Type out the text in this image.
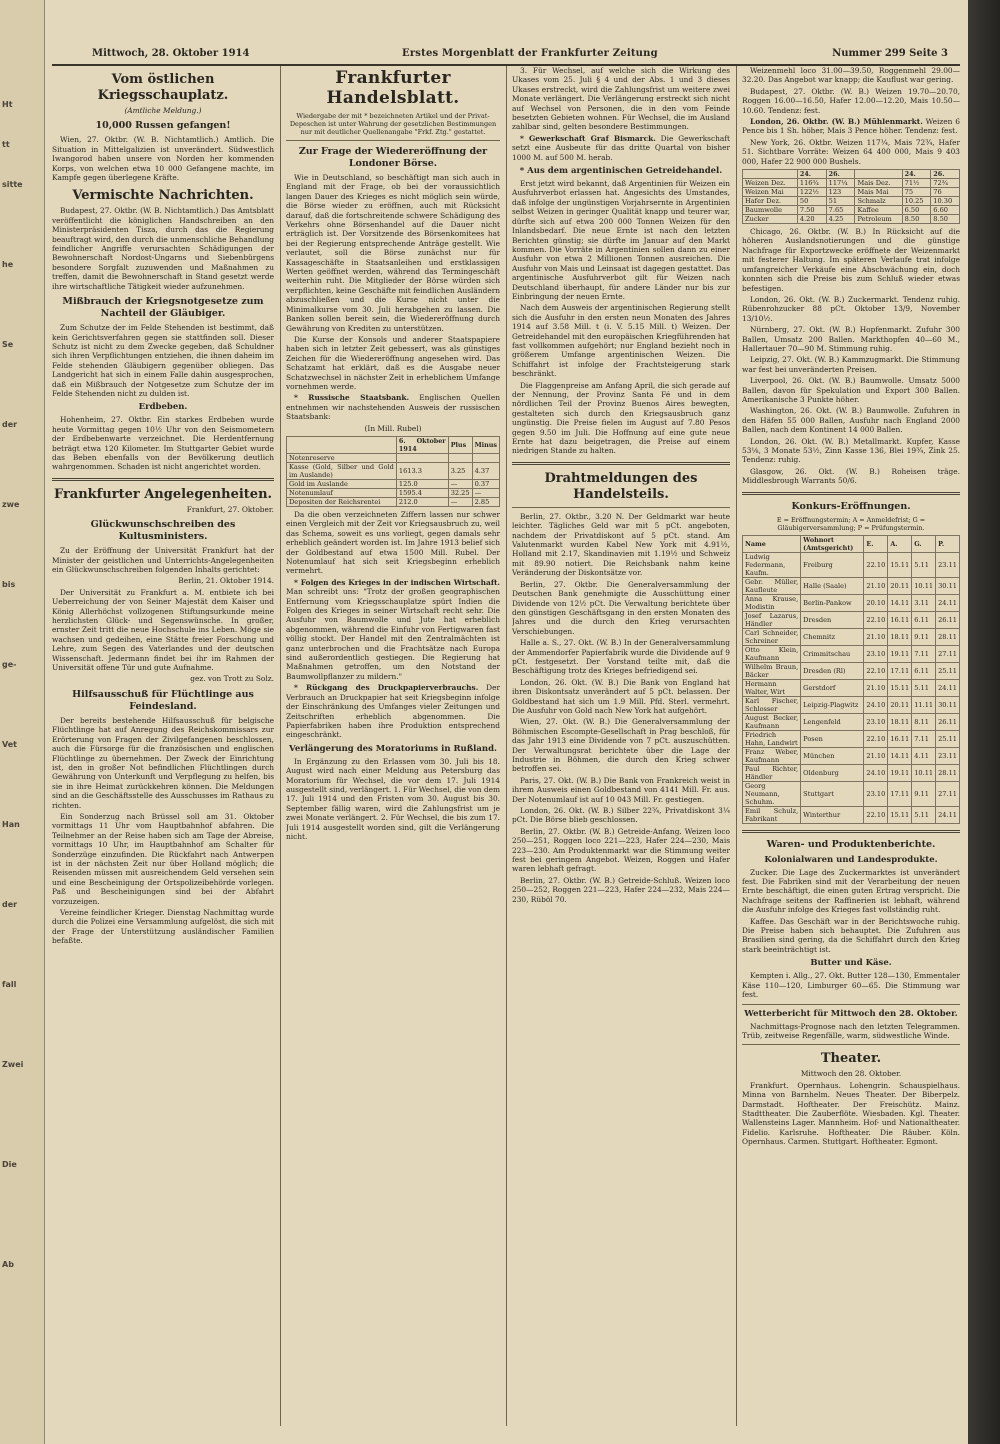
Ht
tt
sitte
he
Se
der
zwe
bis
ge-
Vet
Han
der
fall
Zwei
Die
Ab
Mittwoch, 28. Oktober 1914	Erstes Morgenblatt der Frankfurter Zeitung	Nummer 299 Seite 3
Vom östlichen Kriegsschauplatz.
(Amtliche Meldung.)
10,000 Russen gefangen!

Wien, 27. Oktbr. (W. B. Nichtamtlich.) Amtlich. Die Situation in Mittelgalizien ist unverändert. Südwestlich Iwangorod haben unsere von Norden her kommenden Korps, von welchen etwa 10 000 Gefangene machte, im Kampfe gegen überlegene Kräfte.

Vermischte Nachrichten.

Budapest, 27. Oktbr. (W. B. Nichtamtlich.) Das Amtsblatt veröffentlicht die königlichen Handschreiben an den Ministerpräsidenten Tisza, durch das die Regierung beauftragt wird, den durch die unmenschliche Behandlung feindlicher Angriffe verursachten Schädigungen der Bewohnerschaft Nordost-Ungarns und Siebenbürgens besondere Sorgfalt zuzuwenden und Maßnahmen zu treffen, damit die Bewohnerschaft in Stand gesetzt werde ihre wirtschaftliche Tätigkeit wieder aufzunehmen.

Mißbrauch der Kriegsnotgesetze zum Nachteil der Gläubiger.

Zum Schutze der im Felde Stehenden ist bestimmt, daß kein Gerichtsverfahren gegen sie stattfinden soll. Dieser Schutz ist nicht zu dem Zwecke gegeben, daß Schuldner sich ihren Verpflichtungen entziehen, die ihnen daheim im Felde stehenden Gläubigern gegenüber obliegen. Das Landgericht hat sich in einem Falle dahin ausgesprochen, daß ein Mißbrauch der Notgesetze zum Schutze der im Felde Stehenden nicht zu dulden ist.

Erdbeben.

Hohenheim, 27. Oktbr. Ein starkes Erdbeben wurde heute Vormittag gegen 10½ Uhr von den Seismometern der Erdbebenwarte verzeichnet. Die Herdentfernung beträgt etwa 120 Kilometer. Im Stuttgarter Gebiet wurde das Beben ebenfalls von der Bevölkerung deutlich wahrgenommen. Schaden ist nicht angerichtet worden.

Frankfurter Angelegenheiten.

Frankfurt, 27. Oktober.

Glückwunschschreiben des Kultusministers.

Zu der Eröffnung der Universität Frankfurt hat der Minister der geistlichen und Unterrichts-Angelegenheiten ein Glückwunschschreiben folgenden Inhalts gerichtet:

Berlin, 21. Oktober 1914.

Der Universität zu Frankfurt a. M. entbiete ich bei Ueberreichung der von Seiner Majestät dem Kaiser und König Allerhöchst vollzogenen Stiftungsurkunde meine herzlichsten Glück- und Segenswünsche. In großer, ernster Zeit tritt die neue Hochschule ins Leben. Möge sie wachsen und gedeihen, eine Stätte freier Forschung und Lehre, zum Segen des Vaterlandes und der deutschen Wissenschaft. Jedermann findet bei ihr im Rahmen der Universität offene Tür und gute Aufnahme.

gez. von Trott zu Solz.

Hilfsausschuß für Flüchtlinge aus Feindesland.

Der bereits bestehende Hilfsausschuß für belgische Flüchtlinge hat auf Anregung des Reichskommissars zur Erörterung von Fragen der Zivilgefangenen beschlossen, auch die Fürsorge für die französischen und englischen Flüchtlinge zu übernehmen. Der Zweck der Einrichtung ist, den in großer Not befindlichen Flüchtlingen durch Gewährung von Unterkunft und Verpflegung zu helfen, bis sie in ihre Heimat zurückkehren können. Die Meldungen sind an die Geschäftsstelle des Ausschusses im Rathaus zu richten.

Ein Sonderzug nach Brüssel soll am 31. Oktober vormittags 11 Uhr vom Hauptbahnhof abfahren. Die Teilnehmer an der Reise haben sich am Tage der Abreise, vormittags 10 Uhr, im Hauptbahnhof am Schalter für Sonderzüge einzufinden. Die Rückfahrt nach Antwerpen ist in der nächsten Zeit nur über Holland möglich; die Reisenden müssen mit ausreichendem Geld versehen sein und eine Bescheinigung der Ortspolizeibehörde vorlegen. Paß und Bescheinigungen sind bei der Abfahrt vorzuzeigen.

Vereine feindlicher Krieger. Dienstag Nachmittag wurde durch die Polizei eine Versammlung aufgelöst, die sich mit der Frage der Unterstützung ausländischer Familien befaßte.

Frankfurter Handelsblatt.

Wiedergabe der mit * bezeichneten Artikel und der Privat-Depeschen ist unter Wahrung der gesetzlichen Bestimmungen nur mit deutlicher Quellenangabe "Frkf. Ztg." gestattet.

Zur Frage der Wiedereröffnung der Londoner Börse.

Wie in Deutschland, so beschäftigt man sich auch in England mit der Frage, ob bei der voraussichtlich langen Dauer des Krieges es nicht möglich sein würde, die Börse wieder zu eröffnen, auch mit Rücksicht darauf, daß die fortschreitende schwere Schädigung des Verkehrs ohne Börsenhandel auf die Dauer nicht erträglich ist. Der Vorsitzende des Börsenkomitees hat bei der Regierung entsprechende Anträge gestellt. Wie verlautet, soll die Börse zunächst nur für Kassageschäfte in Staatsanleihen und erstklassigen Werten geöffnet werden, während das Termingeschäft weiterhin ruht. Die Mitglieder der Börse würden sich verpflichten, keine Geschäfte mit feindlichen Ausländern abzuschließen und die Kurse nicht unter die Minimalkurse vom 30. Juli herabgehen zu lassen. Die Banken sollen bereit sein, die Wiedereröffnung durch Gewährung von Krediten zu unterstützen.

Die Kurse der Konsols und anderer Staatspapiere haben sich in letzter Zeit gebessert, was als günstiges Zeichen für die Wiedereröffnung angesehen wird. Das Schatzamt hat erklärt, daß es die Ausgabe neuer Schatzwechsel in nächster Zeit in erheblichem Umfange vornehmen werde.

* Russische Staatsbank. Englischen Quellen entnehmen wir nachstehenden Ausweis der russischen Staatsbank:

(In Mill. Rubel)

	6. Oktober 1914	Plus	Minus
Notenreserve			
Kasse (Gold, Silber und Gold im Auslande)	1613.3	3.25	4.37
Gold im Auslande	125.0	—	0.37
Notenumlauf	1595.4	32.25	—
Depositen der Reichsrentei	212.0	—	2.85

Da die oben verzeichneten Ziffern lassen nur schwer einen Vergleich mit der Zeit vor Kriegsausbruch zu, weil das Schema, soweit es uns vorliegt, gegen damals sehr erheblich geändert worden ist. Im Jahre 1913 belief sich der Goldbestand auf etwa 1500 Mill. Rubel. Der Notenumlauf hat sich seit Kriegsbeginn erheblich vermehrt.

* Folgen des Krieges in der indischen Wirtschaft. Man schreibt uns: "Trotz der großen geographischen Entfernung vom Kriegsschauplatze spürt Indien die Folgen des Krieges in seiner Wirtschaft recht sehr. Die Ausfuhr von Baumwolle und Jute hat erheblich abgenommen, während die Einfuhr von Fertigwaren fast völlig stockt. Der Handel mit den Zentralmächten ist ganz unterbrochen und die Frachtsätze nach Europa sind außerordentlich gestiegen. Die Regierung hat Maßnahmen getroffen, um den Notstand der Baumwollpflanzer zu mildern."

* Rückgang des Druckpapierverbrauchs. Der Verbrauch an Druckpapier hat seit Kriegsbeginn infolge der Einschränkung des Umfanges vieler Zeitungen und Zeitschriften erheblich abgenommen. Die Papierfabriken haben ihre Produktion entsprechend eingeschränkt.

Verlängerung des Moratoriums in Rußland.

In Ergänzung zu den Erlassen vom 30. Juli bis 18. August wird nach einer Meldung aus Petersburg das Moratorium für Wechsel, die vor dem 17. Juli 1914 ausgestellt sind, verlängert. 1. Für Wechsel, die von dem 17. Juli 1914 und den Fristen vom 30. August bis 30. September fällig waren, wird die Zahlungsfrist um je zwei Monate verlängert. 2. Für Wechsel, die bis zum 17. Juli 1914 ausgestellt worden sind, gilt die Verlängerung nicht.

3. Für Wechsel, auf welche sich die Wirkung des Ukases vom 25. Juli § 4 und der Abs. 1 und 3 dieses Ukases erstreckt, wird die Zahlungsfrist um weitere zwei Monate verlängert. Die Verlängerung erstreckt sich nicht auf Wechsel von Personen, die in den vom Feinde besetzten Gebieten wohnen. Für Wechsel, die im Ausland zahlbar sind, gelten besondere Bestimmungen.

* Gewerkschaft Graf Bismarck. Die Gewerkschaft setzt eine Ausbeute für das dritte Quartal von bisher 1000 M. auf 500 M. herab.

* Aus dem argentinischen Getreidehandel.

Erst jetzt wird bekannt, daß Argentinien für Weizen ein Ausfuhrverbot erlassen hat. Angesichts des Umstandes, daß infolge der ungünstigen Vorjahrsernte in Argentinien selbst Weizen in geringer Qualität knapp und teurer war, dürfte sich auf etwa 200 000 Tonnen Weizen für den Inlandsbedarf. Die neue Ernte ist nach den letzten Berichten günstig; sie dürfte im Januar auf den Markt kommen. Die Vorräte in Argentinien sollen dann zu einer Ausfuhr von etwa 2 Millionen Tonnen ausreichen. Die Ausfuhr von Mais und Leinsaat ist dagegen gestattet. Das argentinische Ausfuhrverbot gilt für Weizen nach Deutschland überhaupt, für andere Länder nur bis zur Einbringung der neuen Ernte.

Nach dem Ausweis der argentinischen Regierung stellt sich die Ausfuhr in den ersten neun Monaten des Jahres 1914 auf 3.58 Mill. t (i. V. 5.15 Mill. t) Weizen. Der Getreidehandel mit den europäischen Kriegführenden hat fast vollkommen aufgehört; nur England bezieht noch in größerem Umfange argentinischen Weizen. Die Schiffahrt ist infolge der Frachtsteigerung stark beschränkt.

Die Flaggenpreise am Anfang April, die sich gerade auf der Nennung, der Provinz Santa Fé und in dem nördlichen Teil der Provinz Buenos Aires bewegten, gestalteten sich durch den Kriegsausbruch ganz ungünstig. Die Preise fielen im August auf 7.80 Pesos gegen 9.50 im Juli. Die Hoffnung auf eine gute neue Ernte hat dazu beigetragen, die Preise auf einem niedrigen Stande zu halten.

Drahtmeldungen des Handelsteils.

Berlin, 27. Oktbr., 3.20 N. Der Geldmarkt war heute leichter. Tägliches Geld war mit 5 pCt. angeboten, nachdem der Privatdiskont auf 5 pCt. stand. Am Valutenmarkt wurden Kabel New York mit 4.91½, Holland mit 2.17, Skandinavien mit 1.19½ und Schweiz mit 89.90 notiert. Die Reichsbank nahm keine Veränderung der Diskontsätze vor.

Berlin, 27. Oktbr. Die Generalversammlung der Deutschen Bank genehmigte die Ausschüttung einer Dividende von 12½ pCt. Die Verwaltung berichtete über den günstigen Geschäftsgang in den ersten Monaten des Jahres und die durch den Krieg verursachten Verschiebungen.

Halle a. S., 27. Okt. (W. B.) In der Generalversammlung der Ammendorfer Papierfabrik wurde die Dividende auf 9 pCt. festgesetzt. Der Vorstand teilte mit, daß die Beschäftigung trotz des Krieges befriedigend sei.

London, 26. Okt. (W. B.) Die Bank von England hat ihren Diskontsatz unverändert auf 5 pCt. belassen. Der Goldbestand hat sich um 1.9 Mill. Pfd. Sterl. vermehrt. Die Ausfuhr von Gold nach New York hat aufgehört.

Wien, 27. Okt. (W. B.) Die Generalversammlung der Böhmischen Escompte-Gesellschaft in Prag beschloß, für das Jahr 1913 eine Dividende von 7 pCt. auszuschütten. Der Verwaltungsrat berichtete über die Lage der Industrie in Böhmen, die durch den Krieg schwer betroffen sei.

Paris, 27. Okt. (W. B.) Die Bank von Frankreich weist in ihrem Ausweis einen Goldbestand von 4141 Mill. Fr. aus. Der Notenumlauf ist auf 10 043 Mill. Fr. gestiegen.

London, 26. Okt. (W. B.) Silber 22¾, Privatdiskont 3¼ pCt. Die Börse blieb geschlossen.

Berlin, 27. Oktbr. (W. B.) Getreide-Anfang. Weizen loco 250—251, Roggen loco 221—223, Hafer 224—230, Mais 223—230. Am Produktenmarkt war die Stimmung weiter fest bei geringem Angebot. Weizen, Roggen und Hafer waren lebhaft gefragt.

Berlin, 27. Oktbr. (W. B.) Getreide-Schluß. Weizen loco 250—252, Roggen 221—223, Hafer 224—232, Mais 224—230, Rüböl 70.

Weizenmehl loco 31.00—39.50, Roggenmehl 29.00—32.20. Das Angebot war knapp; die Kauflust war gering.

Budapest, 27. Oktbr. (W. B.) Weizen 19.70—20.70, Roggen 16.00—16.50, Hafer 12.00—12.20, Mais 10.50—10.60. Tendenz: fest.

London, 26. Oktbr. (W. B.) Mühlenmarkt. Weizen 6 Pence bis 1 Sh. höher, Mais 3 Pence höher. Tendenz: fest.

New York, 26. Oktbr. Weizen 117¼, Mais 72¾, Hafer 51. Sichtbare Vorräte: Weizen 64 400 000, Mais 9 403 000, Hafer 22 900 000 Bushels.

	24.	26.		24.	26.
Weizen Dez.	116¾	117¼	Mais Dez.	71½	72¾
Weizen Mai	122½	123	Mais Mai	75	76
Hafer Dez.	50	51	Schmalz	10.25	10.30
Baumwolle	7.50	7.65	Kaffee	6.50	6.60
Zucker	4.20	4.25	Petroleum	8.50	8.50

Chicago, 26. Oktbr. (W. B.) In Rücksicht auf die höheren Auslandsnotierungen und die günstige Nachfrage für Exportzwecke eröffnete der Weizenmarkt mit festerer Haltung. Im späteren Verlaufe trat infolge umfangreicher Verkäufe eine Abschwächung ein, doch konnten sich die Preise bis zum Schluß wieder etwas befestigen.

London, 26. Okt. (W. B.) Zuckermarkt. Tendenz ruhig. Rübenrohzucker 88 pCt. Oktober 13/9, November 13/10½.

Nürnberg, 27. Okt. (W. B.) Hopfenmarkt. Zufuhr 300 Ballen, Umsatz 200 Ballen. Markthopfen 40—60 M., Hallertauer 70—90 M. Stimmung ruhig.

Leipzig, 27. Okt. (W. B.) Kammzugmarkt. Die Stimmung war fest bei unveränderten Preisen.

Liverpool, 26. Okt. (W. B.) Baumwolle. Umsatz 5000 Ballen, davon für Spekulation und Export 300 Ballen. Amerikanische 3 Punkte höher.

Washington, 26. Okt. (W. B.) Baumwolle. Zufuhren in den Häfen 55 000 Ballen, Ausfuhr nach England 2000 Ballen, nach dem Kontinent 14 000 Ballen.

London, 26. Okt. (W. B.) Metallmarkt. Kupfer, Kasse 53⅛, 3 Monate 53½, Zinn Kasse 136, Blei 19¾, Zink 25. Tendenz: ruhig.

Glasgow, 26. Okt. (W. B.) Roheisen träge. Middlesbrough Warrants 50/6.

Konkurs-Eröffnungen.

E = Eröffnungstermin; A = Anmeldefrist; G = Gläubigerversammlung; P = Prüfungstermin.

Name	Wohnort (Amtsgericht)	E.	A.	G.	P.
Ludwig Federmann, Kaufm.	Freiburg	22.10	15.11	5.11	23.11
Gebr. Müller, Kaufleute	Halle (Saale)	21.10	20.11	10.11	30.11
Anna Krause, Modistin	Berlin-Pankow	20.10	14.11	3.11	24.11
Josef Lazarus, Händler	Dresden	22.10	16.11	6.11	26.11
Carl Schneider, Schreiner	Chemnitz	21.10	18.11	9.11	28.11
Otto Klein, Kaufmann	Crimmitschau	23.10	19.11	7.11	27.11
Wilhelm Braun, Bäcker	Dresden (Rl)	22.10	17.11	6.11	25.11
Hermann Walter, Wirt	Gerstdorf	21.10	15.11	5.11	24.11
Karl Fischer, Schlosser	Leipzig-Plagwitz	24.10	20.11	11.11	30.11
August Becker, Kaufmann	Lengenfeld	23.10	18.11	8.11	26.11
Friedrich Hahn, Landwirt	Posen	22.10	16.11	7.11	25.11
Franz Weber, Kaufmann	München	21.10	14.11	4.11	23.11
Paul Richter, Händler	Oldenburg	24.10	19.11	10.11	28.11
Georg Neumann, Schuhm.	Stuttgart	23.10	17.11	9.11	27.11
Emil Schulz, Fabrikant	Winterthur	22.10	15.11	5.11	24.11
Waren- und Produktenberichte.
Kolonialwaren und Landesprodukte.

Zucker. Die Lage des Zuckermarktes ist unverändert fest. Die Fabriken sind mit der Verarbeitung der neuen Ernte beschäftigt, die einen guten Ertrag verspricht. Die Nachfrage seitens der Raffinerien ist lebhaft, während die Ausfuhr infolge des Krieges fast vollständig ruht.

Kaffee. Das Geschäft war in der Berichtswoche ruhig. Die Preise haben sich behauptet. Die Zufuhren aus Brasilien sind gering, da die Schiffahrt durch den Krieg stark beeinträchtigt ist.

Butter und Käse.

Kempten i. Allg., 27. Okt. Butter 128—130, Emmentaler Käse 110—120, Limburger 60—65. Die Stimmung war fest.

Wetterbericht für Mittwoch den 28. Oktober.

Nachmittags-Prognose nach den letzten Telegrammen. Trüb, zeitweise Regenfälle, warm, südwestliche Winde.

Theater.

Mittwoch den 28. Oktober.

Frankfurt. Opernhaus. Lohengrin. Schauspielhaus. Minna von Barnhelm. Neues Theater. Der Biberpelz. Darmstadt. Hoftheater. Der Freischütz. Mainz. Stadttheater. Die Zauberflöte. Wiesbaden. Kgl. Theater. Wallensteins Lager. Mannheim. Hof- und Nationaltheater. Fidelio. Karlsruhe. Hoftheater. Die Räuber. Köln. Opernhaus. Carmen. Stuttgart. Hoftheater. Egmont.
